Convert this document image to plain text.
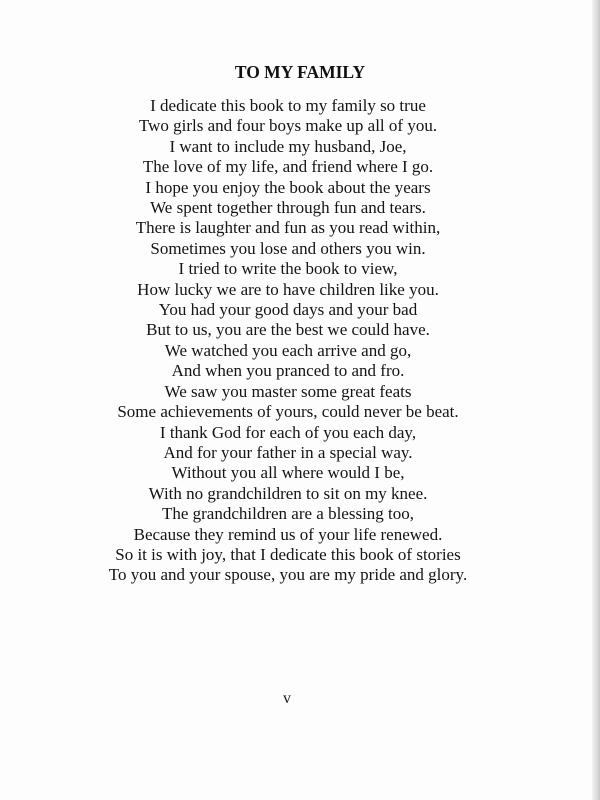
TO MY FAMILY
I dedicate this book to my family so true
Two girls and four boys make up all of you.
I want to include my husband, Joe,
The love of my life, and friend where I go.
I hope you enjoy the book about the years
We spent together through fun and tears.
There is laughter and fun as you read within,
Sometimes you lose and others you win.
I tried to write the book to view,
How lucky we are to have children like you.
You had your good days and your bad
But to us, you are the best we could have.
We watched you each arrive and go,
And when you pranced to and fro.
We saw you master some great feats
Some achievements of yours, could never be beat.
I thank God for each of you each day,
And for your father in a special way.
Without you all where would I be,
With no grandchildren to sit on my knee.
The grandchildren are a blessing too,
Because they remind us of your life renewed.
So it is with joy, that I dedicate this book of stories
To you and your spouse, you are my pride and glory.
v
